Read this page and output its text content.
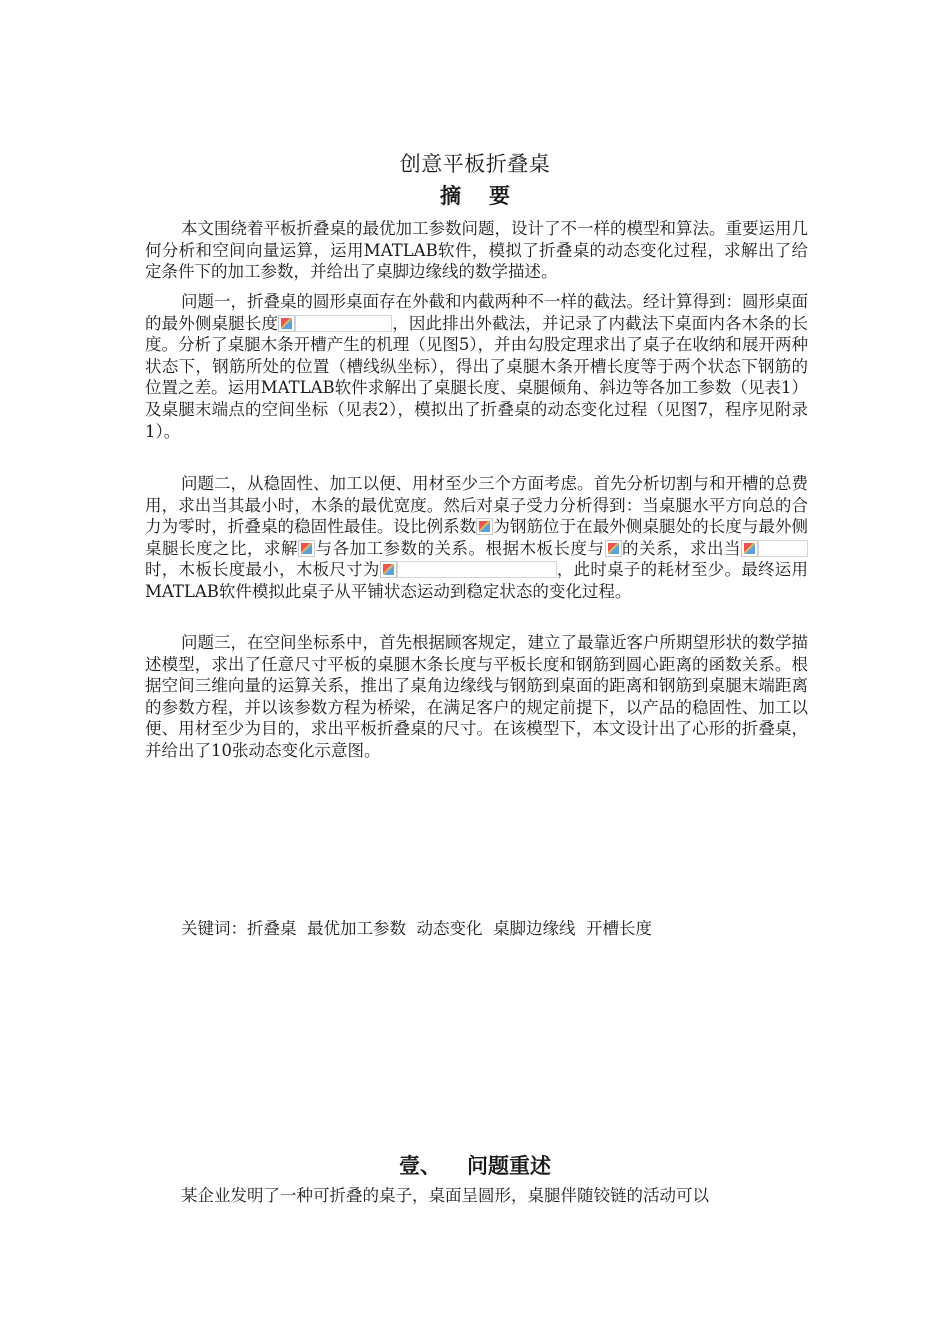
创意平板折叠桌
摘要
本文围绕着平板折叠桌的最优加工参数问题，设计了不一样的模型和算法。重要运用几何分析和空间向量运算，运用MATLAB软件，模拟了折叠桌的动态变化过程，求解出了给定条件下的加工参数，并给出了桌脚边缘线的数学描述。
问题一，折叠桌的圆形桌面存在外截和内截两种不一样的截法。经计算得到：圆形桌面的最外侧桌腿长度	，因此排出外截法，并记录了内截法下桌面内各木条的长度。分析了桌腿木条开槽产生的机理（见图5），并由勾股定理求出了桌子在收纳和展开两种状态下，钢筋所处的位置（槽线纵坐标），得出了桌腿木条开槽长度等于两个状态下钢筋的位置之差。运用MATLAB软件求解出了桌腿长度、桌腿倾角、斜边等各加工参数（见表1）及桌腿末端点的空间坐标（见表2），模拟出了折叠桌的动态变化过程（见图7，程序见附录1）。
问题二，从稳固性、加工以便、用材至少三个方面考虑。首先分析切割与和开槽的总费用，求出当其最小时，木条的最优宽度。然后对桌子受力分析得到：当桌腿水平方向总的合力为零时，折叠桌的稳固性最佳。设比例系数 为钢筋位于在最外侧桌腿处的长度与最外侧桌腿长度之比，求解 与各加工参数的关系。根据木板长度与 的关系，求出当时，木板长度最小，木板尺寸为	，此时桌子的耗材至少。最终运用MATLAB软件模拟此桌子从平铺状态运动到稳定状态的变化过程。
问题三，在空间坐标系中，首先根据顾客规定，建立了最靠近客户所期望形状的数学描述模型，求出了任意尺寸平板的桌腿木条长度与平板长度和钢筋到圆心距离的函数关系。根据空间三维向量的运算关系，推出了桌角边缘线与钢筋到桌面的距离和钢筋到桌腿末端距离的参数方程，并以该参数方程为桥梁，在满足客户的规定前提下，以产品的稳固性、加工以便、用材至少为目的，求出平板折叠桌的尺寸。在该模型下，本文设计出了心形的折叠桌，并给出了10张动态变化示意图。
关键词：折叠桌 最优加工参数 动态变化 桌脚边缘线 开槽长度
壹、 问题重述
某企业发明了一种可折叠的桌子，桌面呈圆形，桌腿伴随铰链的活动可以
